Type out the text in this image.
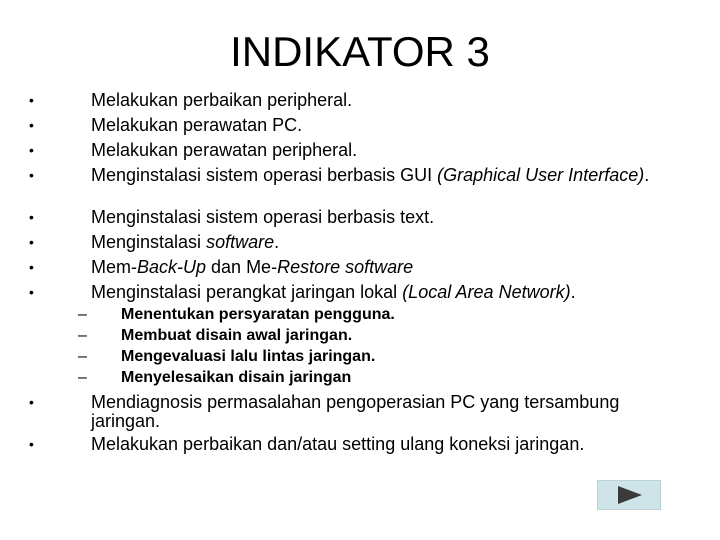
INDIKATOR 3
•	Melakukan perbaikan peripheral.
•	Melakukan perawatan PC.
•	Melakukan perawatan peripheral.
•	Menginstalasi sistem operasi berbasis GUI (Graphical User Interface).
•	Menginstalasi sistem operasi berbasis text.
•	Menginstalasi software.
•	Mem-Back-Up dan Me-Restore software
•	Menginstalasi perangkat jaringan lokal (Local Area Network).
•	Mendiagnosis permasalahan pengoperasian PC yang tersambung jaringan.
•	Melakukan perbaikan dan/atau setting ulang koneksi jaringan.
– Menentukan persyaratan pengguna.
– Membuat disain awal jaringan.
– Mengevaluasi lalu lintas jaringan.
– Menyelesaikan disain jaringan
